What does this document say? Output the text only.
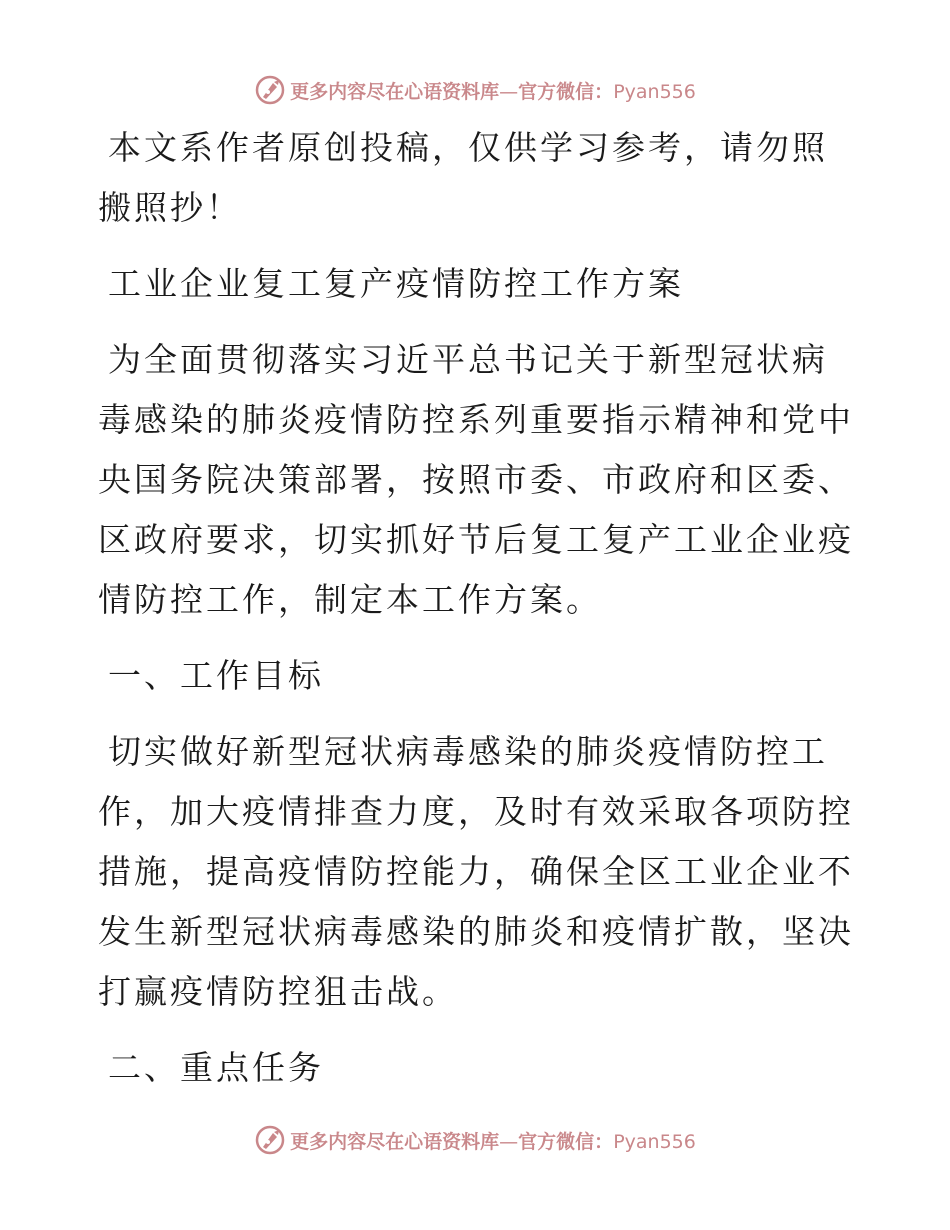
更多内容尽在心语资料库—官方微信：Pyan556

本文系作者原创投稿，仅供学习参考，请勿照搬照抄！

工业企业复工复产疫情防控工作方案

为全面贯彻落实习近平总书记关于新型冠状病毒感染的肺炎疫情防控系列重要指示精神和党中央国务院决策部署，按照市委、市政府和区委、区政府要求，切实抓好节后复工复产工业企业疫情防控工作，制定本工作方案。

一、工作目标

切实做好新型冠状病毒感染的肺炎疫情防控工作，加大疫情排查力度，及时有效采取各项防控措施，提高疫情防控能力，确保全区工业企业不发生新型冠状病毒感染的肺炎和疫情扩散，坚决打赢疫情防控狙击战。

二、重点任务

更多内容尽在心语资料库—官方微信：Pyan556
